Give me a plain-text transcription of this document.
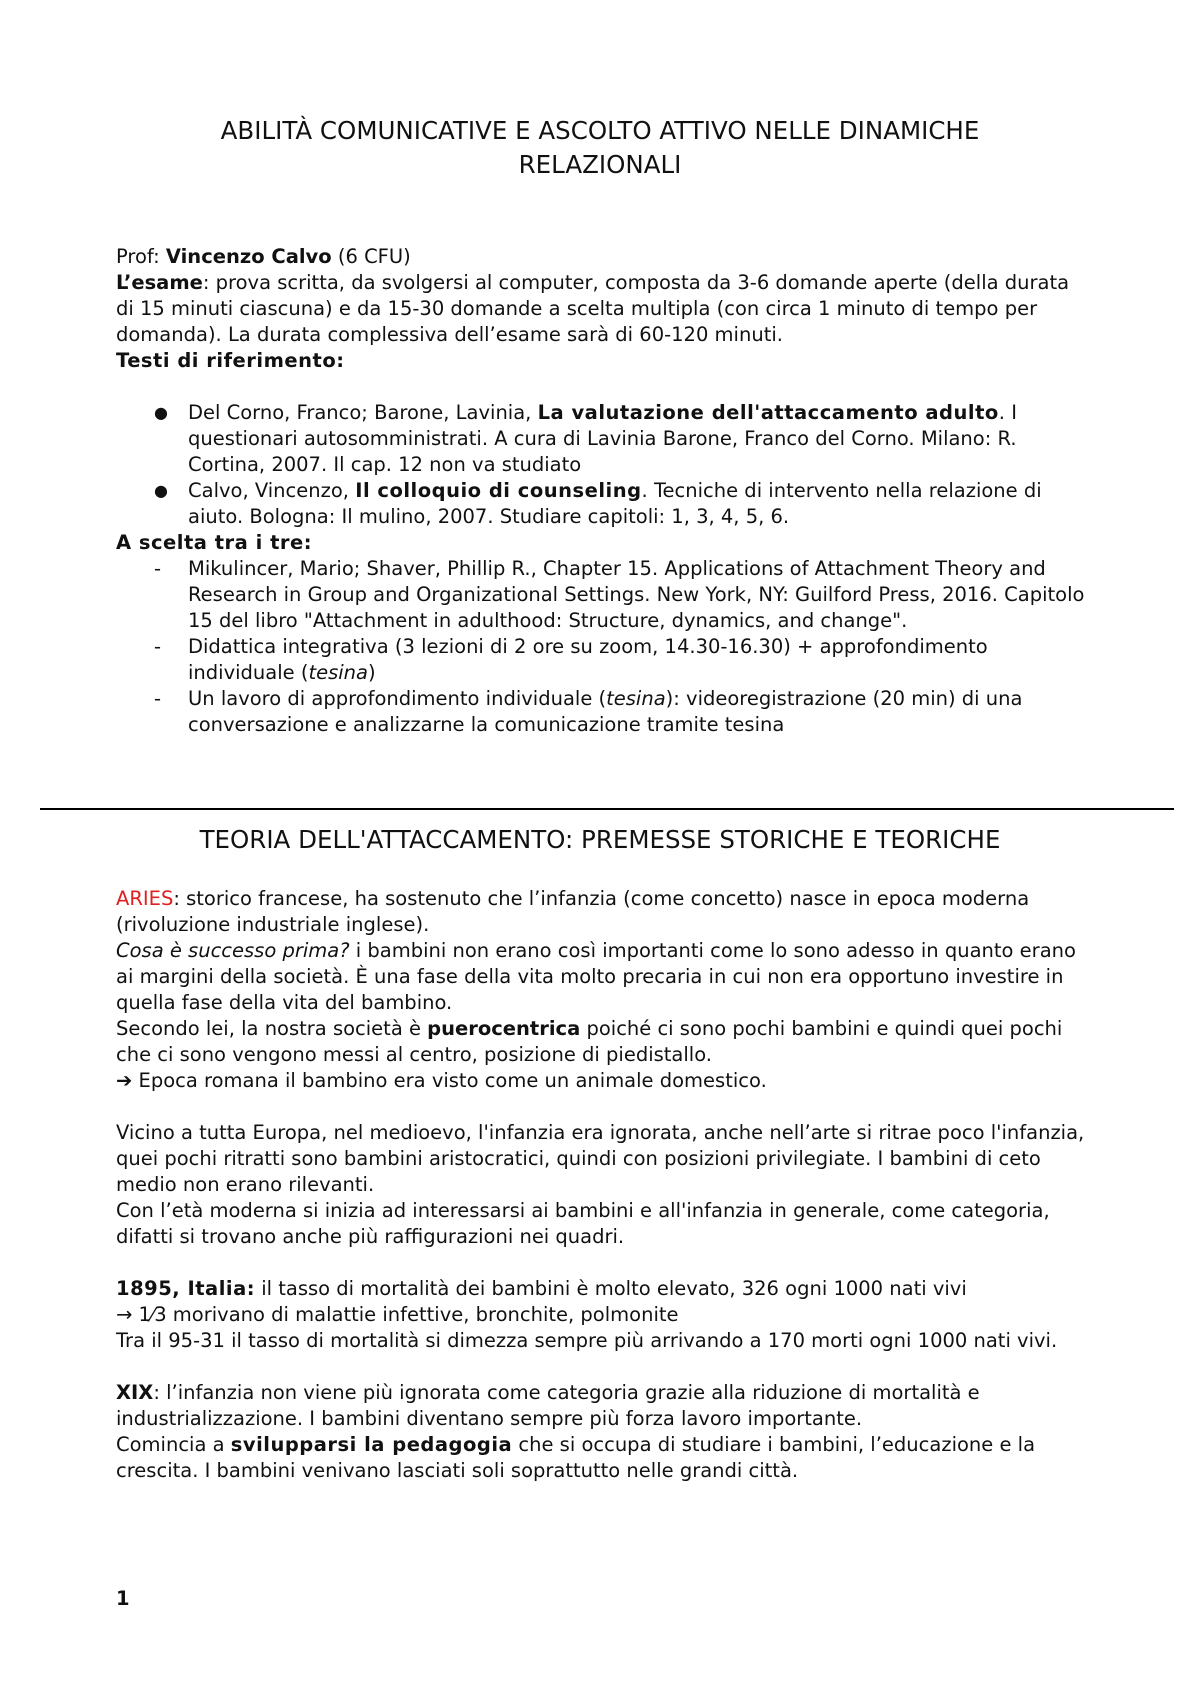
ABILITÀ COMUNICATIVE E ASCOLTO ATTIVO NELLE DINAMICHE
RELAZIONALI

Prof: Vincenzo Calvo (6 CFU)

L’esame: prova scritta, da svolgersi al computer, composta da 3-6 domande aperte (della durata di 15 minuti ciascuna) e da 15-30 domande a scelta multipla (con circa 1 minuto di tempo per domanda). La durata complessiva dell’esame sarà di 60-120 minuti.

Testi di riferimento:

● Del Corno, Franco; Barone, Lavinia, La valutazione dell'attaccamento adulto. I questionari autosomministrati. A cura di Lavinia Barone, Franco del Corno. Milano: R. Cortina, 2007. Il cap. 12 non va studiato
● Calvo, Vincenzo, Il colloquio di counseling. Tecniche di intervento nella relazione di aiuto. Bologna: Il mulino, 2007. Studiare capitoli: 1, 3, 4, 5, 6.

A scelta tra i tre:

- Mikulincer, Mario; Shaver, Phillip R., Chapter 15. Applications of Attachment Theory and Research in Group and Organizational Settings. New York, NY: Guilford Press, 2016. Capitolo 15 del libro "Attachment in adulthood: Structure, dynamics, and change".
- Didattica integrativa (3 lezioni di 2 ore su zoom, 14.30-16.30) + approfondimento individuale (tesina)
- Un lavoro di approfondimento individuale (tesina): videoregistrazione (20 min) di una conversazione e analizzarne la comunicazione tramite tesina
TEORIA DELL'ATTACCAMENTO: PREMESSE STORICHE E TEORICHE

ARIES: storico francese, ha sostenuto che l’infanzia (come concetto) nasce in epoca moderna (rivoluzione industriale inglese).

Cosa è successo prima? i bambini non erano così importanti come lo sono adesso in quanto erano ai margini della società. È una fase della vita molto precaria in cui non era opportuno investire in quella fase della vita del bambino.

Secondo lei, la nostra società è puerocentrica poiché ci sono pochi bambini e quindi quei pochi che ci sono vengono messi al centro, posizione di piedistallo.

➔ Epoca romana il bambino era visto come un animale domestico.

Vicino a tutta Europa, nel medioevo, l'infanzia era ignorata, anche nell’arte si ritrae poco l'infanzia, quei pochi ritratti sono bambini aristocratici, quindi con posizioni privilegiate. I bambini di ceto medio non erano rilevanti.

Con l’età moderna si inizia ad interessarsi ai bambini e all'infanzia in generale, come categoria, difatti si trovano anche più raffigurazioni nei quadri.

1895, Italia: il tasso di mortalità dei bambini è molto elevato, 326 ogni 1000 nati vivi

→ 1⁄3 morivano di malattie infettive, bronchite, polmonite

Tra il 95-31 il tasso di mortalità si dimezza sempre più arrivando a 170 morti ogni 1000 nati vivi.

XIX: l’infanzia non viene più ignorata come categoria grazie alla riduzione di mortalità e industrializzazione. I bambini diventano sempre più forza lavoro importante.

Comincia a svilupparsi la pedagogia che si occupa di studiare i bambini, l’educazione e la crescita. I bambini venivano lasciati soli soprattutto nelle grandi città.

1
